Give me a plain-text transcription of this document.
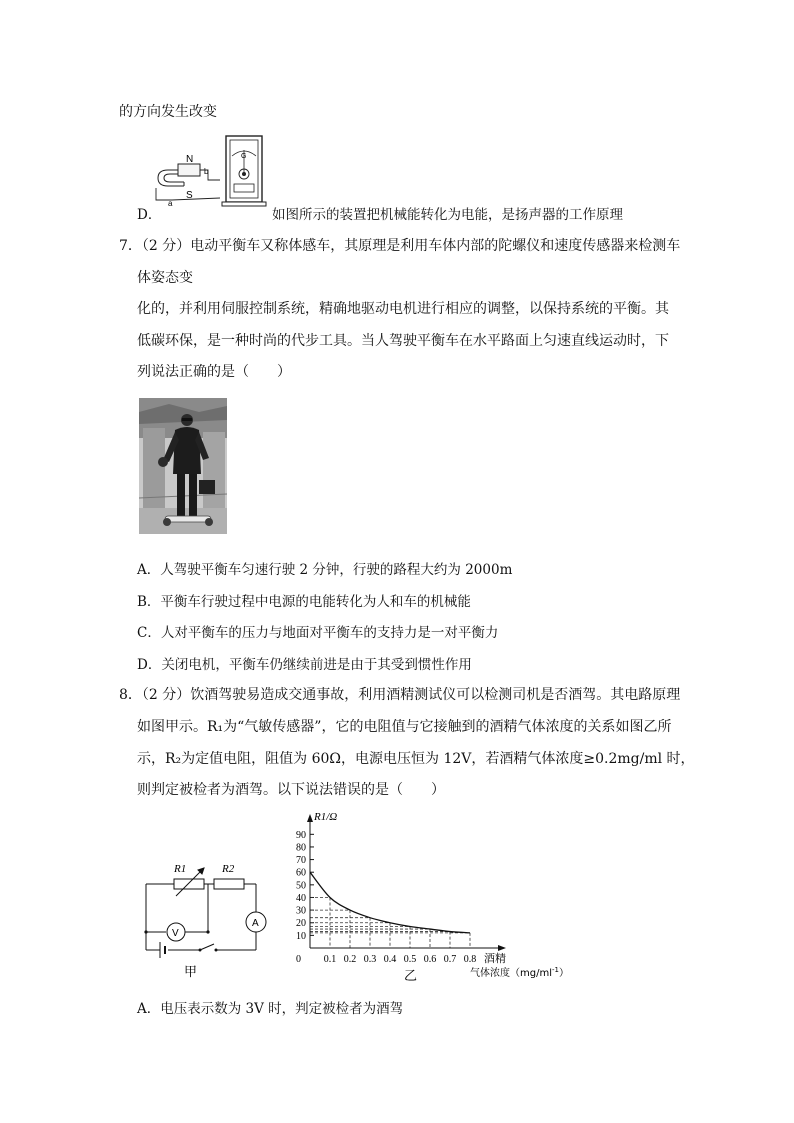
的方向发生改变
N
S
a
b
G
D．	如图所示的装置把机械能转化为电能，是扬声器的工作原理
7．（2 分）电动平衡车又称体感车，其原理是利用车体内部的陀螺仪和速度传感器来检测车
体姿态变
化的，并利用伺服控制系统，精确地驱动电机进行相应的调整，以保持系统的平衡。其
低碳环保，是一种时尚的代步工具。当人驾驶平衡车在水平路面上匀速直线运动时，下
列说法正确的是（　　）
A．人驾驶平衡车匀速行驶 2 分钟，行驶的路程大约为 2000m
B．平衡车行驶过程中电源的电能转化为人和车的机械能
C．人对平衡车的压力与地面对平衡车的支持力是一对平衡力
D．关闭电机，平衡车仍继续前进是由于其受到惯性作用
8．（2 分）饮酒驾驶易造成交通事故，利用酒精测试仪可以检测司机是否酒驾。其电路原理
如图甲示。R₁为“气敏传感器”，它的电阻值与它接触到的酒精气体浓度的关系如图乙所
示，R₂为定值电阻，阻值为 60Ω，电源电压恒为 12V，若酒精气体浓度≥0.2mg/ml 时，
则判定被检者为酒驾。以下说法错误的是（　　）
R1	R2
V
A
甲
10
20
30
40
50
60
70
80
90
0.1 0.2 0.3 0.4 0.5 0.6 0.7 0.8
R1/Ω
0	酒精
气体浓度$(mg/ml^{-1})$
乙
A．电压表示数为 3V 时，判定被检者为酒驾
